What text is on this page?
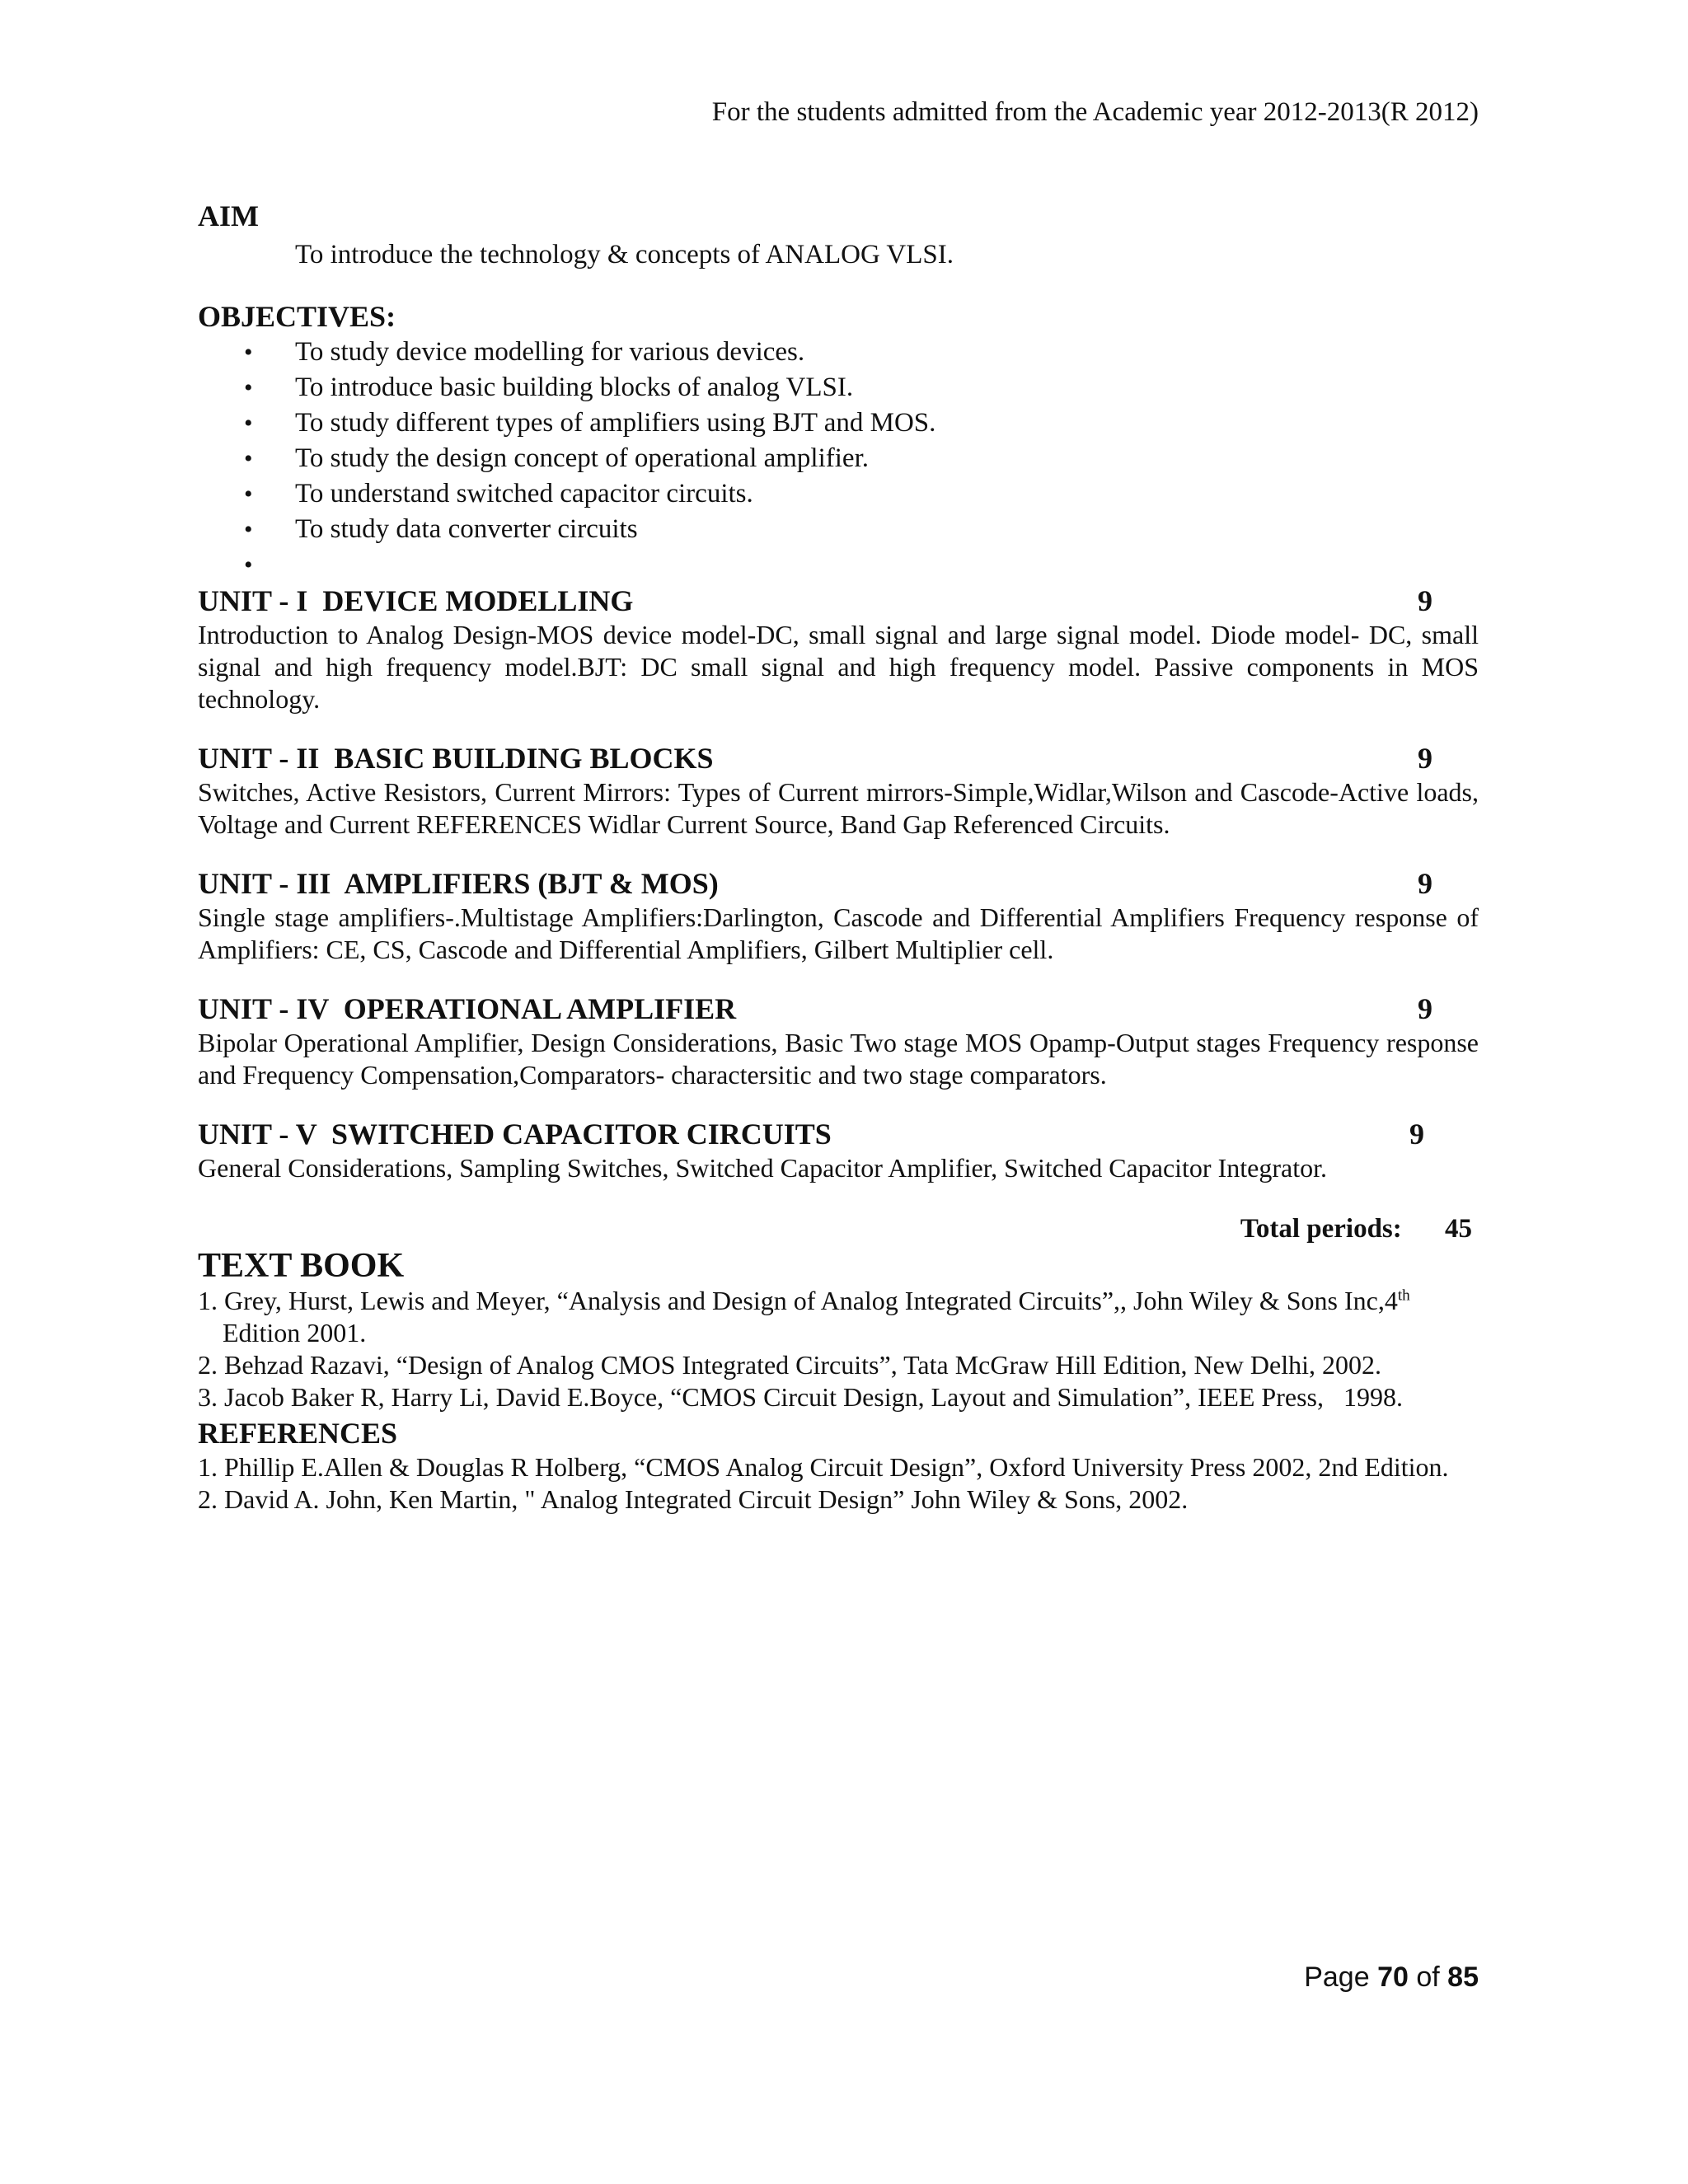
For the students admitted from the Academic year 2012-2013(R 2012)
AIM

To introduce the technology & concepts of ANALOG VLSI.

OBJECTIVES:
• To study device modelling for various devices.
• To introduce basic building blocks of analog VLSI.
• To study different types of amplifiers using BJT and MOS.
• To study the design concept of operational amplifier.
• To understand switched capacitor circuits.
• To study data converter circuits
•
UNIT - I  DEVICE MODELLING	9
Introduction to Analog Design-MOS device model-DC, small signal and large signal model. Diode model- DC, small signal and high frequency model.BJT: DC small signal and high frequency model. Passive components in MOS technology.
UNIT - II  BASIC BUILDING BLOCKS	9
Switches, Active Resistors, Current Mirrors: Types of Current mirrors-Simple,Widlar,Wilson and Cascode-Active loads, Voltage and Current REFERENCES Widlar Current Source, Band Gap Referenced Circuits.
UNIT - III  AMPLIFIERS (BJT & MOS)	9
Single stage amplifiers-.Multistage Amplifiers:Darlington, Cascode and Differential Amplifiers Frequency response of Amplifiers: CE, CS, Cascode and Differential Amplifiers, Gilbert Multiplier cell.
UNIT - IV  OPERATIONAL AMPLIFIER	9
Bipolar Operational Amplifier, Design Considerations, Basic Two stage MOS Opamp-Output stages Frequency response and Frequency Compensation,Comparators- charactersitic and two stage comparators.
UNIT - V  SWITCHED CAPACITOR CIRCUITS	9
General Considerations, Sampling Switches, Switched Capacitor Amplifier, Switched Capacitor Integrator.
Total periods: 45
TEXT BOOK
1. Grey, Hurst, Lewis and Meyer, “Analysis and Design of Analog Integrated Circuits”,, John Wiley & Sons Inc,4th Edition 2001.
2. Behzad Razavi, “Design of Analog CMOS Integrated Circuits”, Tata McGraw Hill Edition, New Delhi, 2002.
3. Jacob Baker R, Harry Li, David E.Boyce, “CMOS Circuit Design, Layout and Simulation”, IEEE Press,   1998.
REFERENCES
1. Phillip E.Allen & Douglas R Holberg, “CMOS Analog Circuit Design”, Oxford University Press 2002, 2nd Edition.
2. David A. John, Ken Martin, " Analog Integrated Circuit Design” John Wiley & Sons, 2002.
Page 70 of 85
